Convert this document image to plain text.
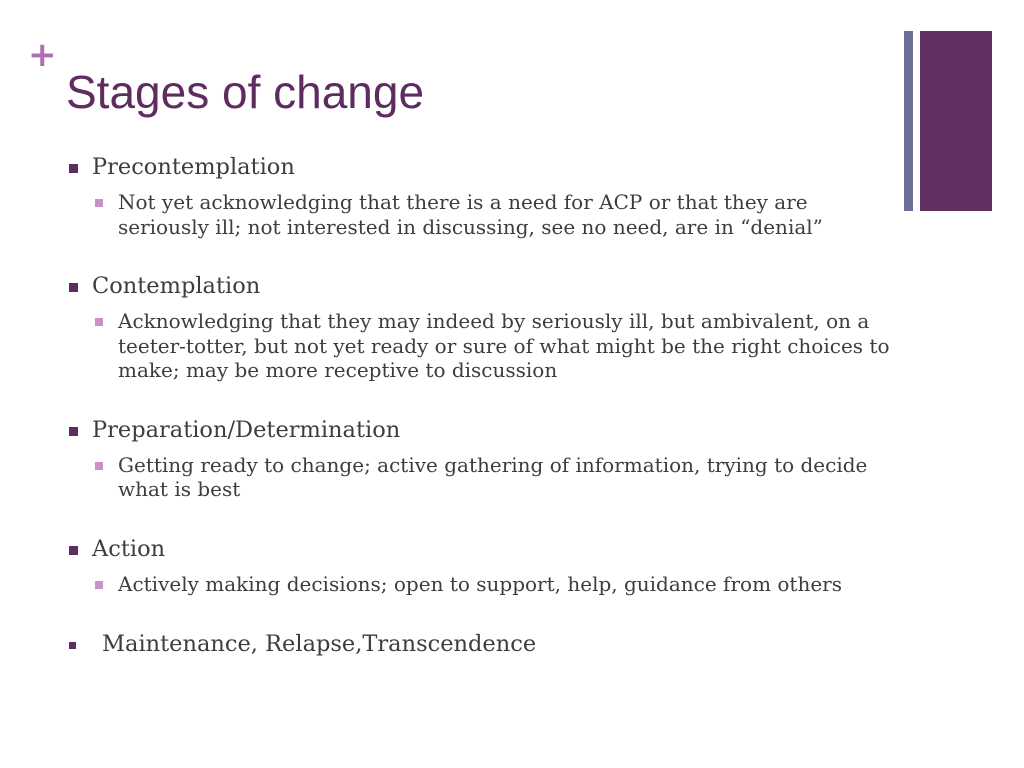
+
Stages of change
Precontemplation
Not yet acknowledging that there is a need for ACP or that they are seriously ill; not interested in discussing, see no need, are in “denial”
Contemplation
Acknowledging that they may indeed by seriously ill, but ambivalent, on a teeter-totter, but not yet ready or sure of what might be the right choices to make; may be more receptive to discussion
Preparation/Determination
Getting ready to change; active gathering of information, trying to decide what is best
Action
Actively making decisions; open to support, help, guidance from others
Maintenance, Relapse,Transcendence
